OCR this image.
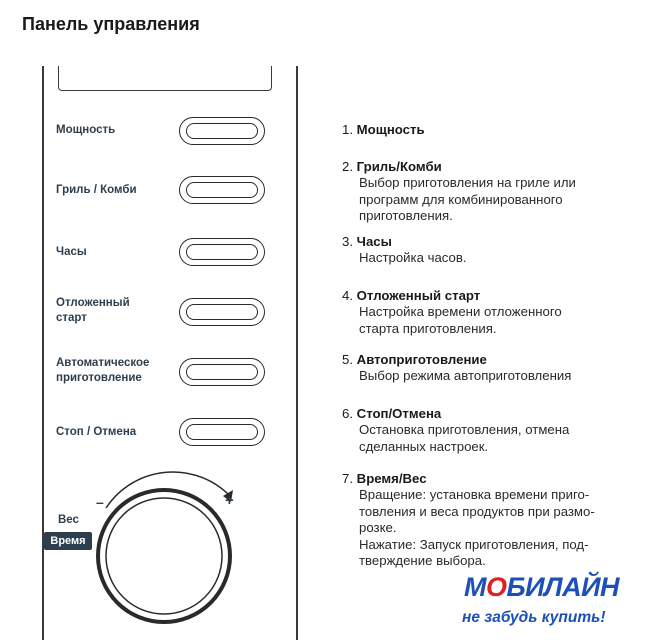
Панель управления
Мощность
Гриль / Комби
Часы
Отложенный
старт
Автоматическое
приготовление
Стоп / Отмена
–	+
Вес
Время
1. Мощность
2. Гриль/Комби
Выбор приготовления на гриле или
программ для комбинированного
приготовления.
3. Часы
Настройка часов.
4. Отложенный старт
Настройка времени отложенного
старта приготовления.
5. Автоприготовление
Выбор режима автоприготовления
6. Стоп/Отмена
Остановка приготовления, отмена
сделанных настроек.
7. Время/Вес
Вращение: установка времени приго-
товления и веса продуктов при размо-
розке.
Нажатие: Запуск приготовления, под-
тверждение выбора.
МОБИЛАЙН
не забудь купить!
